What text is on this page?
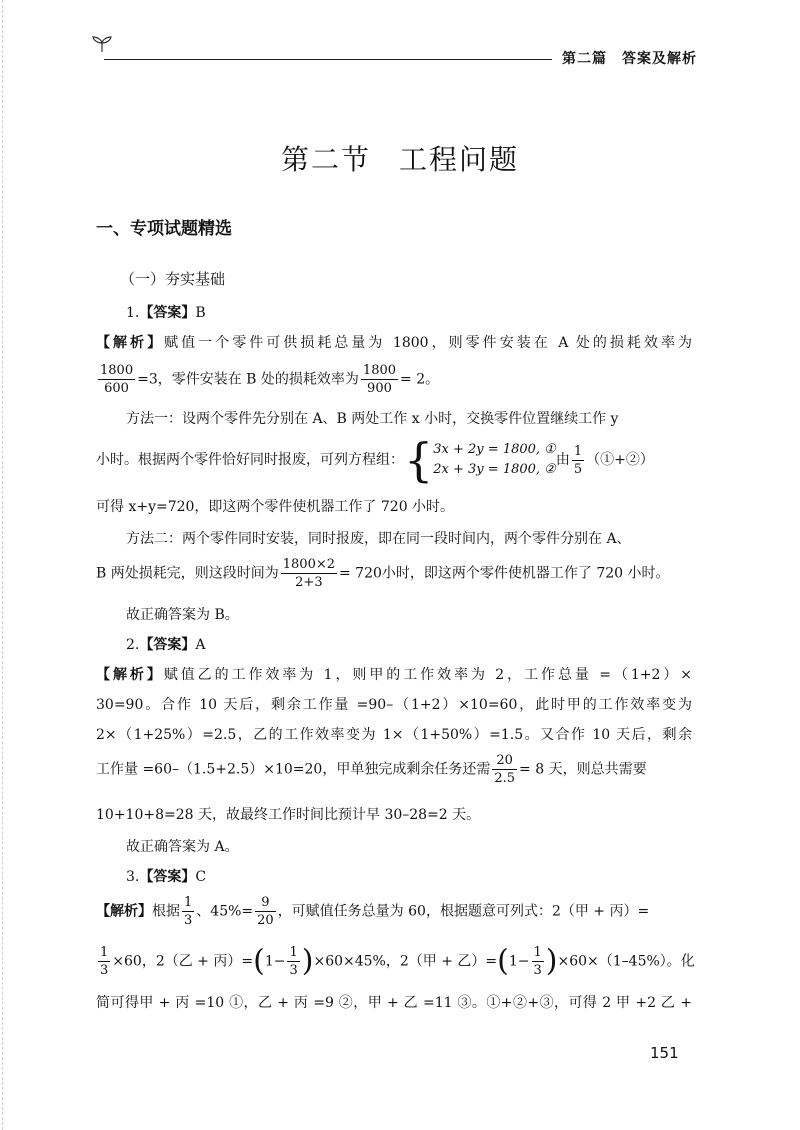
第二篇　答案及解析
第二节 工程问题
一、专项试题精选
（一）夯实基础
1.【答案】B
【解析】赋值一个零件可供损耗总量为 1800，则零件安装在 A 处的损耗效率为
$\frac{1800}{600} =3$，零件安装在 B 处的损耗效率为 $\frac{1800}{900} = 2$。
方法一：设两个零件先分别在 A、B 两处工作 x 小时，交换零件位置继续工作 y
小时。根据两个零件恰好同时报废，可列方程组：{ 3x + 2y = 1800, ①
2x + 3y = 1800, ②
由 $\frac{1}{5}$ （①+②）
可得 x+y=720，即这两个零件使机器工作了 720 小时。
方法二：两个零件同时安装，同时报废，即在同一段时间内，两个零件分别在 A、
B 两处损耗完，则这段时间为 $\frac{1800\times 2}{2+3} = 720$小时，即这两个零件使机器工作了 720 小时。
故正确答案为 B。
2.【答案】A
【解析】赋值乙的工作效率为 1，则甲的工作效率为 2，工作总量 =（1+2）×
30=90。合作 10 天后，剩余工作量 =90–（1+2）×10=60，此时甲的工作效率变为
2×（1+25%）=2.5，乙的工作效率变为 1×（1+50%）=1.5。又合作 10 天后，剩余
工作量 =60–（1.5+2.5）×10=20，甲单独完成剩余任务还需 $\frac{20}{2.5} = 8$ 天，则总共需要
10+10+8=28 天，故最终工作时间比预计早 30–28=2 天。
故正确答案为 A。
3.【答案】C
【解析】根据 $\frac{1}{3}$ 、$45\%= \frac{9}{20}$ ，可赋值任务总量为 60，根据题意可列式：2（甲 + 丙）=
$\frac{1}{3} \times 60$，2（乙 + 丙）$=(1- \frac{1}{3} )\times 60\times 45\%$，2（甲 + 乙）$=(1- \frac{1}{3} )\times 60\times(1-45\%)$。化
简可得甲 + 丙 =10 ①，乙 + 丙 =9 ②，甲 + 乙 =11 ③。①+②+③，可得 2 甲 +2 乙 +
151
